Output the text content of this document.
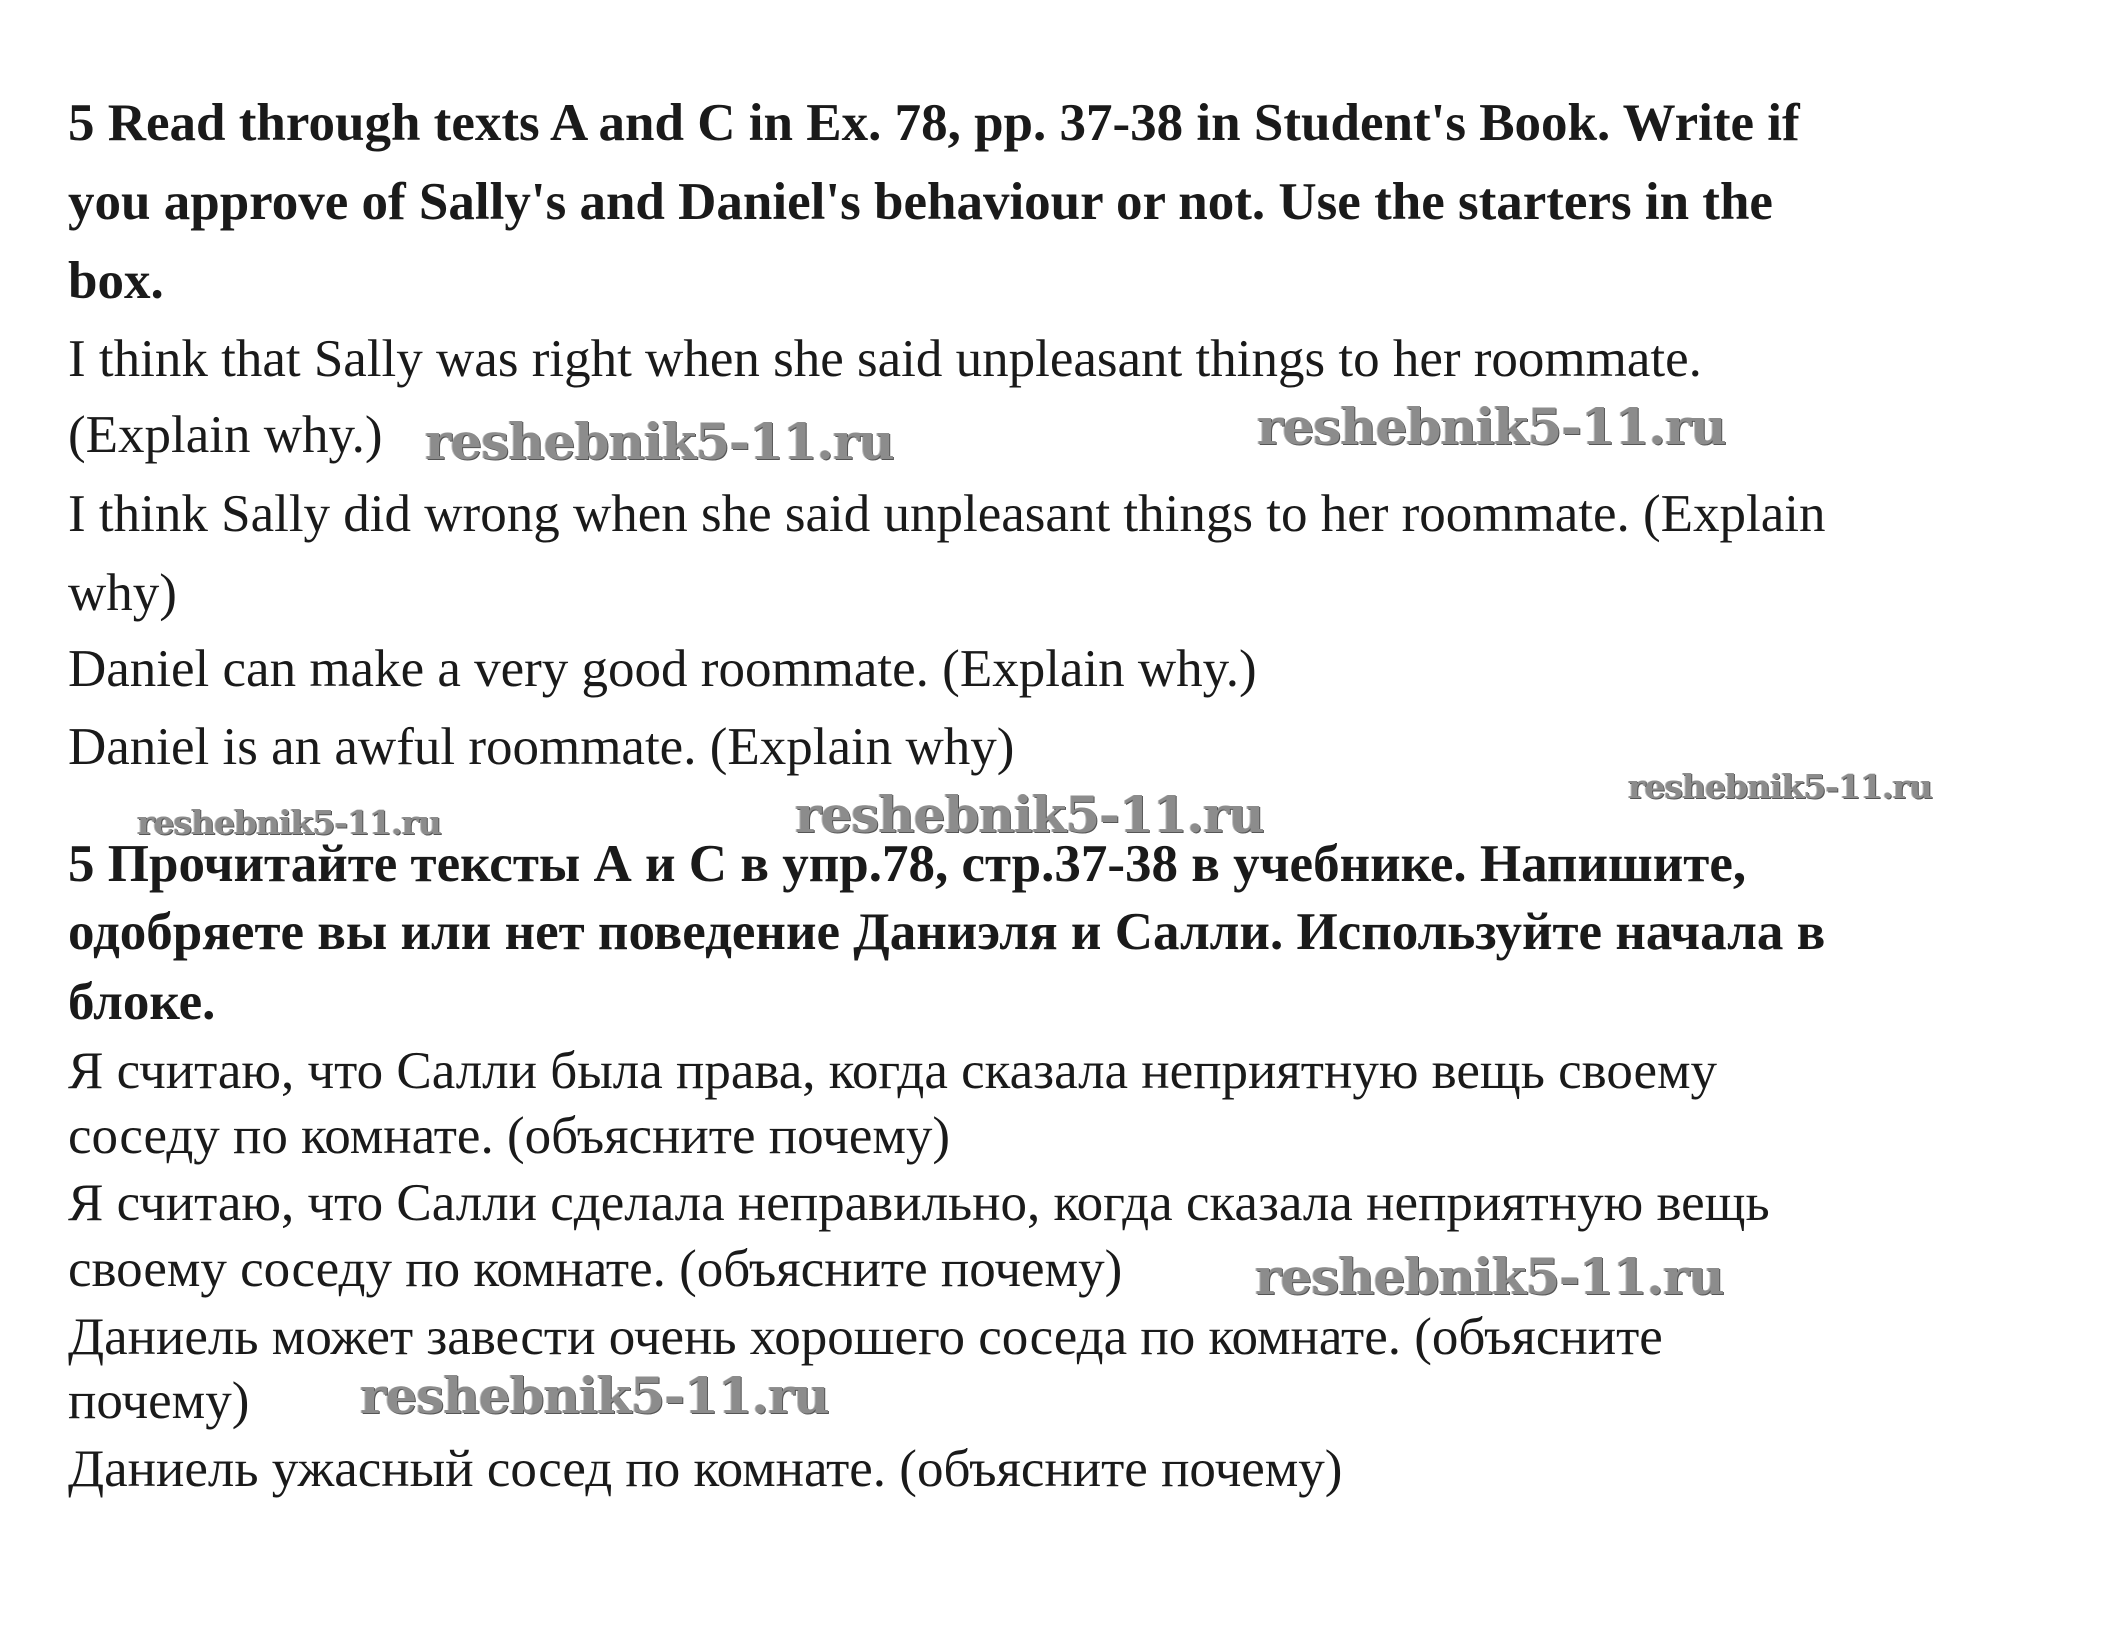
5 Read through texts A and C in Ex. 78, pp. 37-38 in Student's Book. Write if
you approve of Sally's and Daniel's behaviour or not. Use the starters in the
box.
I think that Sally was right when she said unpleasant things to her roommate.
(Explain why.)
I think Sally did wrong when she said unpleasant things to her roommate. (Explain
why)
Daniel can make a very good roommate. (Explain why.)
Daniel is an awful roommate. (Explain why)
5 Прочитайте тексты А и С в упр.78, стр.37-38 в учебнике. Напишите,
одобряете вы или нет поведение Даниэля и Салли. Используйте начала в
блоке.
Я считаю, что Салли была права, когда сказала неприятную вещь своему
соседу по комнате. (объясните почему)
Я считаю, что Салли сделала неправильно, когда сказала неприятную вещь
своему соседу по комнате. (объясните почему)
Даниель может завести очень хорошего соседа по комнате. (объясните
почему)
Даниель ужасный сосед по комнате. (объясните почему)
reshebnik5-11.ru	reshebnik5-11.ru
reshebnik5-11.ru	reshebnik5-11.ru	reshebnik5-11.ru
reshebnik5-11.ru
reshebnik5-11.ru
